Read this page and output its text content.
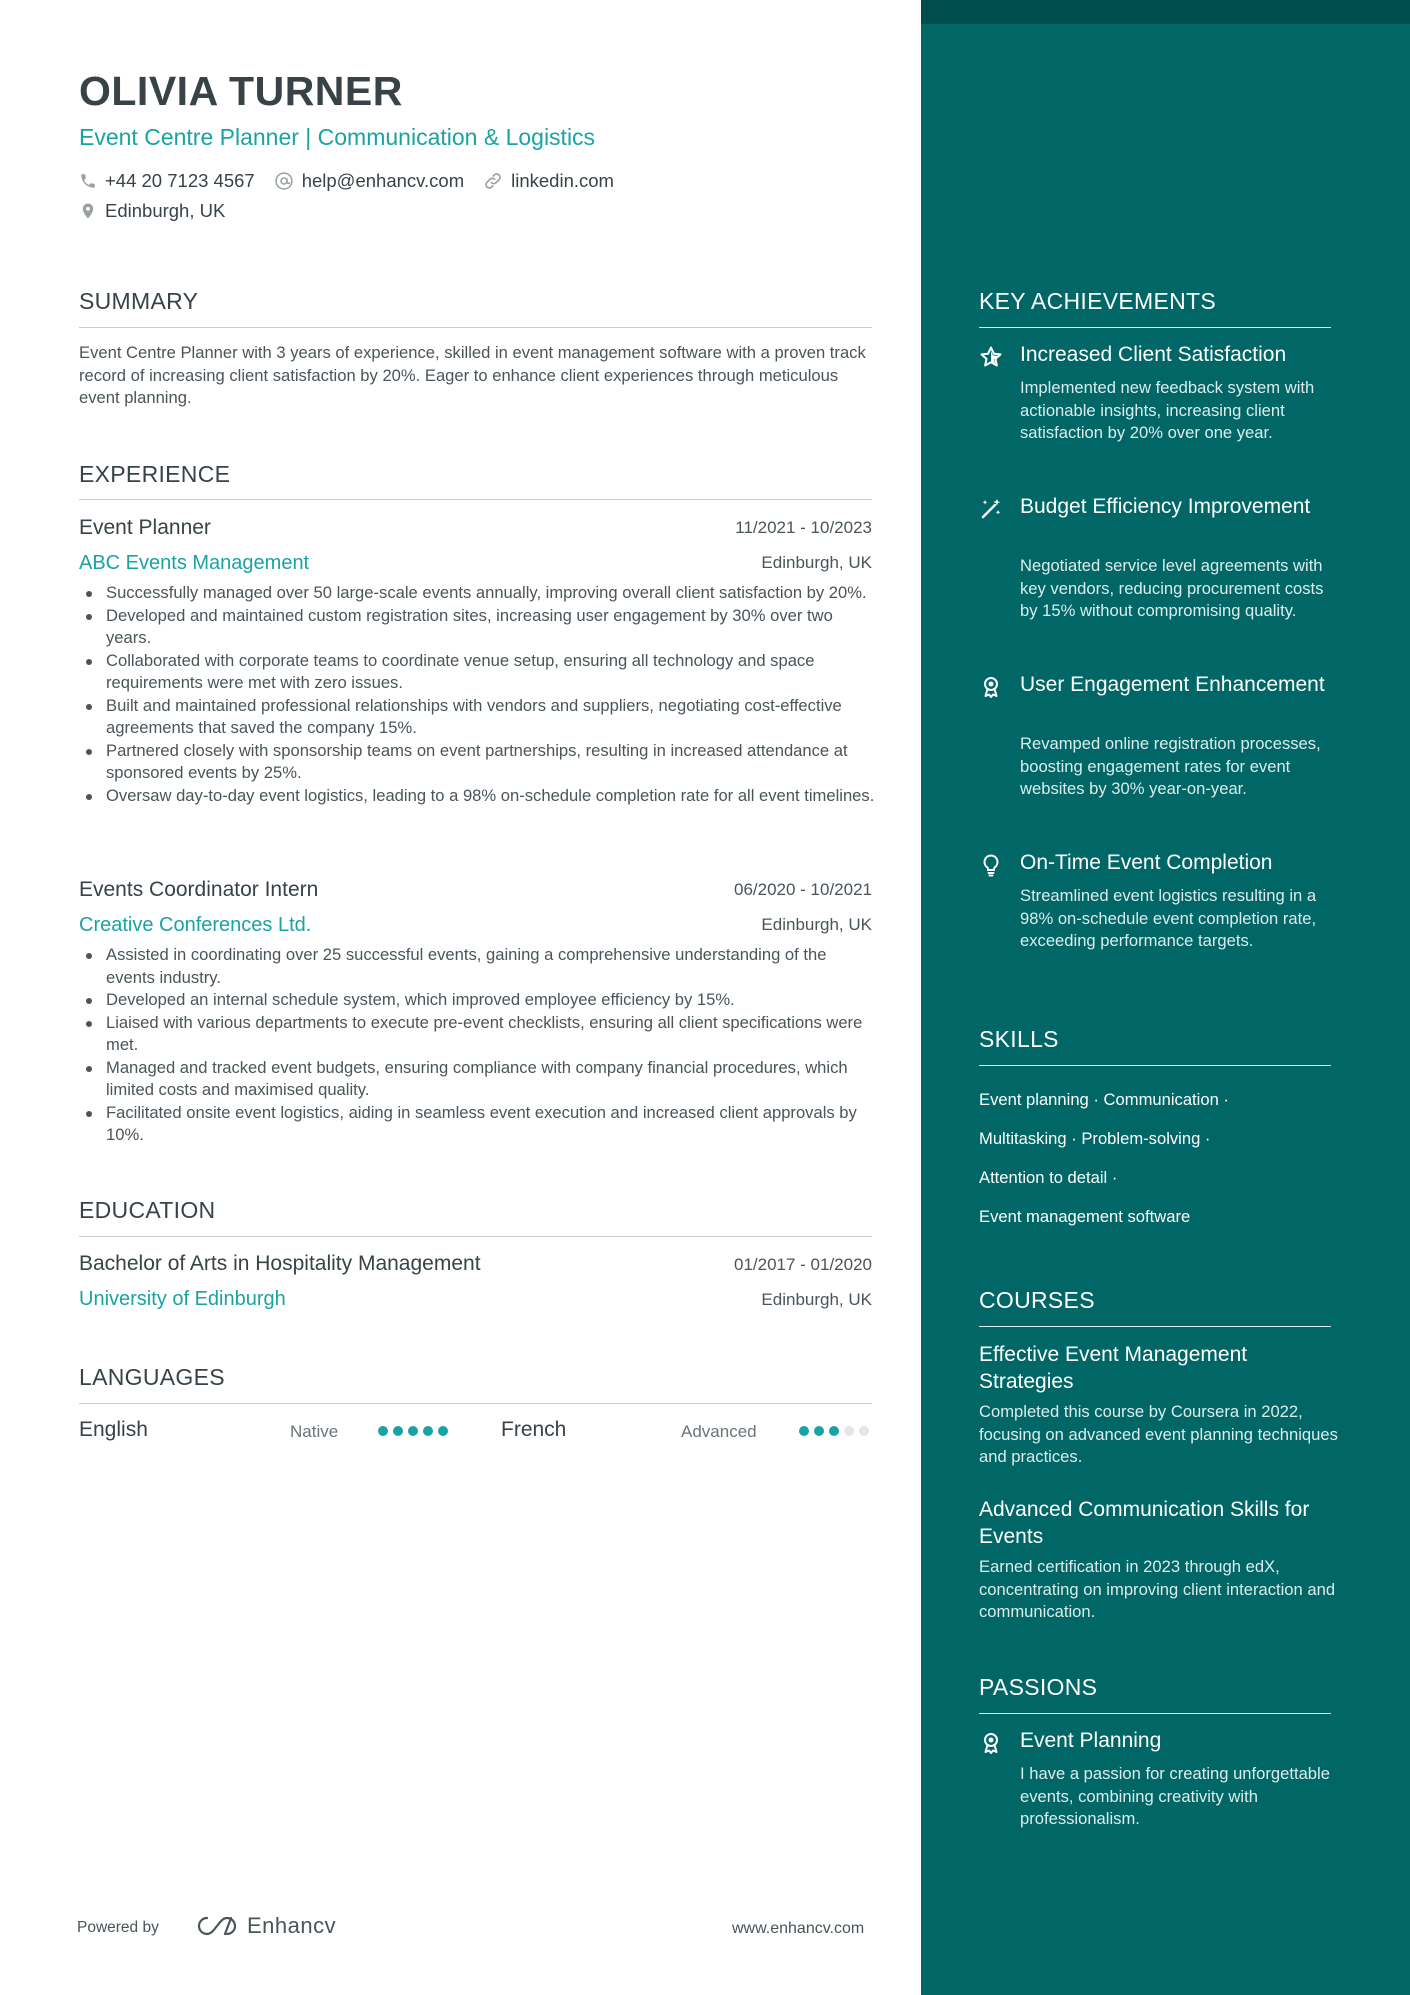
OLIVIA TURNER
Event Centre Planner | Communication & Logistics
+44 20 7123 4567	help@enhancv.com	linkedin.com
Edinburgh, UK
SUMMARY
Event Centre Planner with 3 years of experience, skilled in event management software with a proven track record of increasing client satisfaction by 20%. Eager to enhance client experiences through meticulous event planning.
EXPERIENCE
Event Planner	11/2021 - 10/2023
ABC Events Management	Edinburgh, UK
Successfully managed over 50 large-scale events annually, improving overall client satisfaction by 20%.
Developed and maintained custom registration sites, increasing user engagement by 30% over two years.
Collaborated with corporate teams to coordinate venue setup, ensuring all technology and space requirements were met with zero issues.
Built and maintained professional relationships with vendors and suppliers, negotiating cost-effective agreements that saved the company 15%.
Partnered closely with sponsorship teams on event partnerships, resulting in increased attendance at sponsored events by 25%.
Oversaw day-to-day event logistics, leading to a 98% on-schedule completion rate for all event timelines.
Events Coordinator Intern	06/2020 - 10/2021
Creative Conferences Ltd.	Edinburgh, UK
Assisted in coordinating over 25 successful events, gaining a comprehensive understanding of the events industry.
Developed an internal schedule system, which improved employee efficiency by 15%.
Liaised with various departments to execute pre-event checklists, ensuring all client specifications were met.
Managed and tracked event budgets, ensuring compliance with company financial procedures, which limited costs and maximised quality.
Facilitated onsite event logistics, aiding in seamless event execution and increased client approvals by 10%.
EDUCATION
Bachelor of Arts in Hospitality Management	01/2017 - 01/2020
University of Edinburgh	Edinburgh, UK
LANGUAGES
English	Native	French	Advanced
Powered by	Enhancv	www.enhancv.com
KEY ACHIEVEMENTS
Increased Client Satisfaction
Implemented new feedback system with actionable insights, increasing client satisfaction by 20% over one year.
Budget Efficiency Improvement
Negotiated service level agreements with key vendors, reducing procurement costs by 15% without compromising quality.
User Engagement Enhancement
Revamped online registration processes, boosting engagement rates for event websites by 30% year-on-year.
On-Time Event Completion
Streamlined event logistics resulting in a 98% on-schedule event completion rate, exceeding performance targets.
SKILLS
Event planning · Communication ·
Multitasking · Problem-solving ·
Attention to detail ·
Event management software
COURSES
Effective Event Management Strategies
Completed this course by Coursera in 2022, focusing on advanced event planning techniques and practices.
Advanced Communication Skills for Events
Earned certification in 2023 through edX, concentrating on improving client interaction and communication.
PASSIONS
Event Planning
I have a passion for creating unforgettable events, combining creativity with professionalism.
